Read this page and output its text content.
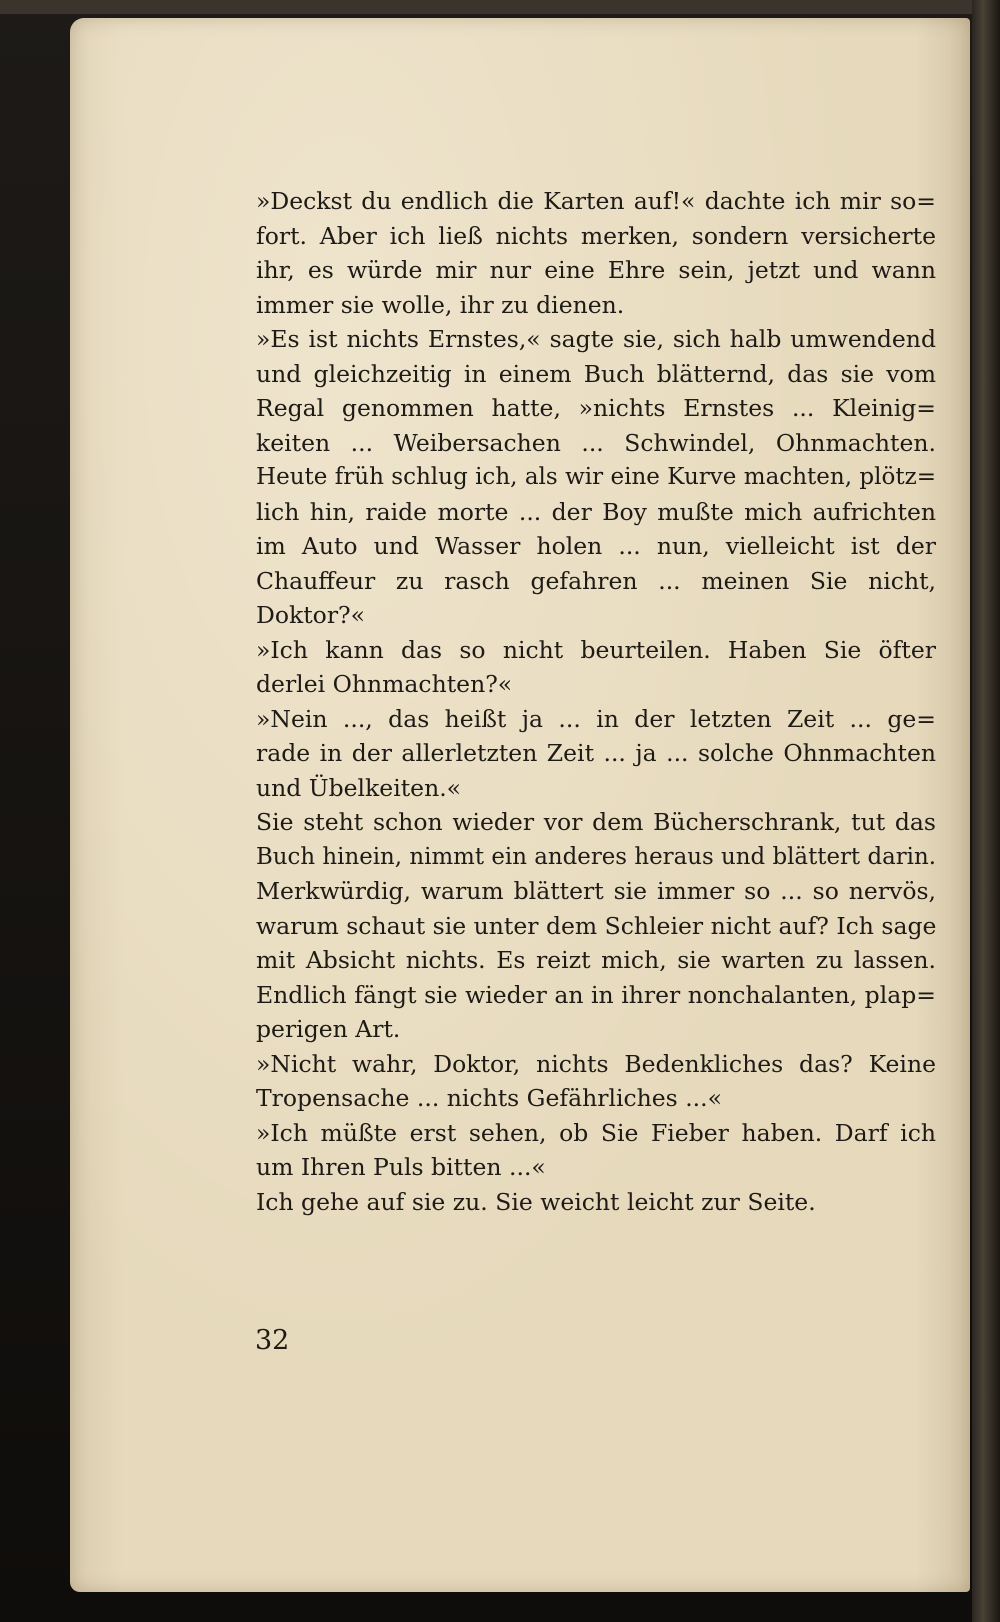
»Deckst du endlich die Karten auf!« dachte ich mir so=
fort. Aber ich ließ nichts merken, sondern versicherte
ihr, es würde mir nur eine Ehre sein, jetzt und wann
immer sie wolle, ihr zu dienen.
»Es ist nichts Ernstes,« sagte sie, sich halb umwendend
und gleichzeitig in einem Buch blätternd, das sie vom
Regal genommen hatte, »nichts Ernstes ... Kleinig=
keiten ... Weibersachen ... Schwindel, Ohnmachten.
Heute früh schlug ich, als wir eine Kurve machten, plötz=
lich hin, raide morte ... der Boy mußte mich aufrichten
im Auto und Wasser holen ... nun, vielleicht ist der
Chauffeur zu rasch gefahren ... meinen Sie nicht,
Doktor?«
»Ich kann das so nicht beurteilen. Haben Sie öfter
derlei Ohnmachten?«
»Nein ..., das heißt ja ... in der letzten Zeit ... ge=
rade in der allerletzten Zeit ... ja ... solche Ohnmachten
und Übelkeiten.«
Sie steht schon wieder vor dem Bücherschrank, tut das
Buch hinein, nimmt ein anderes heraus und blättert darin.
Merkwürdig, warum blättert sie immer so ... so nervös,
warum schaut sie unter dem Schleier nicht auf? Ich sage
mit Absicht nichts. Es reizt mich, sie warten zu lassen.
Endlich fängt sie wieder an in ihrer nonchalanten, plap=
perigen Art.
»Nicht wahr, Doktor, nichts Bedenkliches das? Keine
Tropensache ... nichts Gefährliches ...«
»Ich müßte erst sehen, ob Sie Fieber haben. Darf ich
um Ihren Puls bitten ...«
Ich gehe auf sie zu. Sie weicht leicht zur Seite.
32
